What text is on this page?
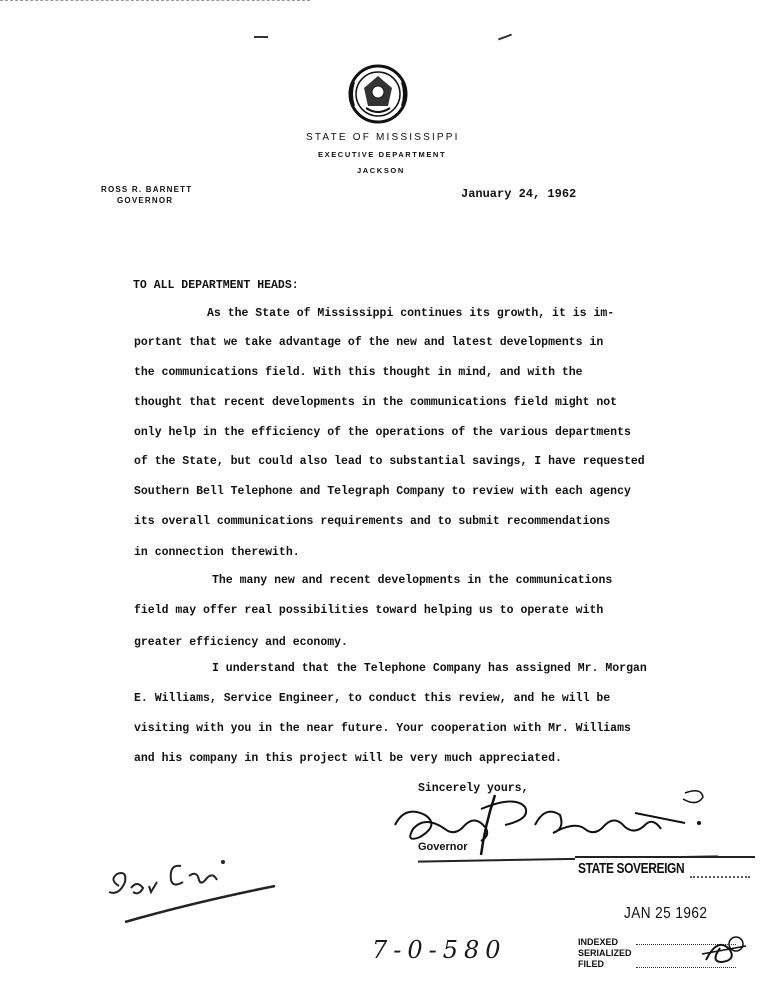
STATE OF MISSISSIPPI
EXECUTIVE DEPARTMENT
JACKSON
ROSS R. BARNETT
GOVERNOR	January 24, 1962
TO ALL DEPARTMENT HEADS:
As the State of Mississippi continues its growth, it is im-
portant that we take advantage of the new and latest developments in
the communications field. With this thought in mind, and with the
thought that recent developments in the communications field might not
only help in the efficiency of the operations of the various departments
of the State, but could also lead to substantial savings, I have requested
Southern Bell Telephone and Telegraph Company to review with each agency
its overall communications requirements and to submit recommendations
in connection therewith.
The many new and recent developments in the communications
field may offer real possibilities toward helping us to operate with
greater efficiency and economy.
I understand that the Telephone Company has assigned Mr. Morgan
E. Williams, Service Engineer, to conduct this review, and he will be
visiting with you in the near future. Your cooperation with Mr. Williams
and his company in this project will be very much appreciated.
Sincerely yours,
Governor
STATE SOVEREIGN
JAN 25 1962
INDEXED
SERIALIZED
FILED
7-0-580
